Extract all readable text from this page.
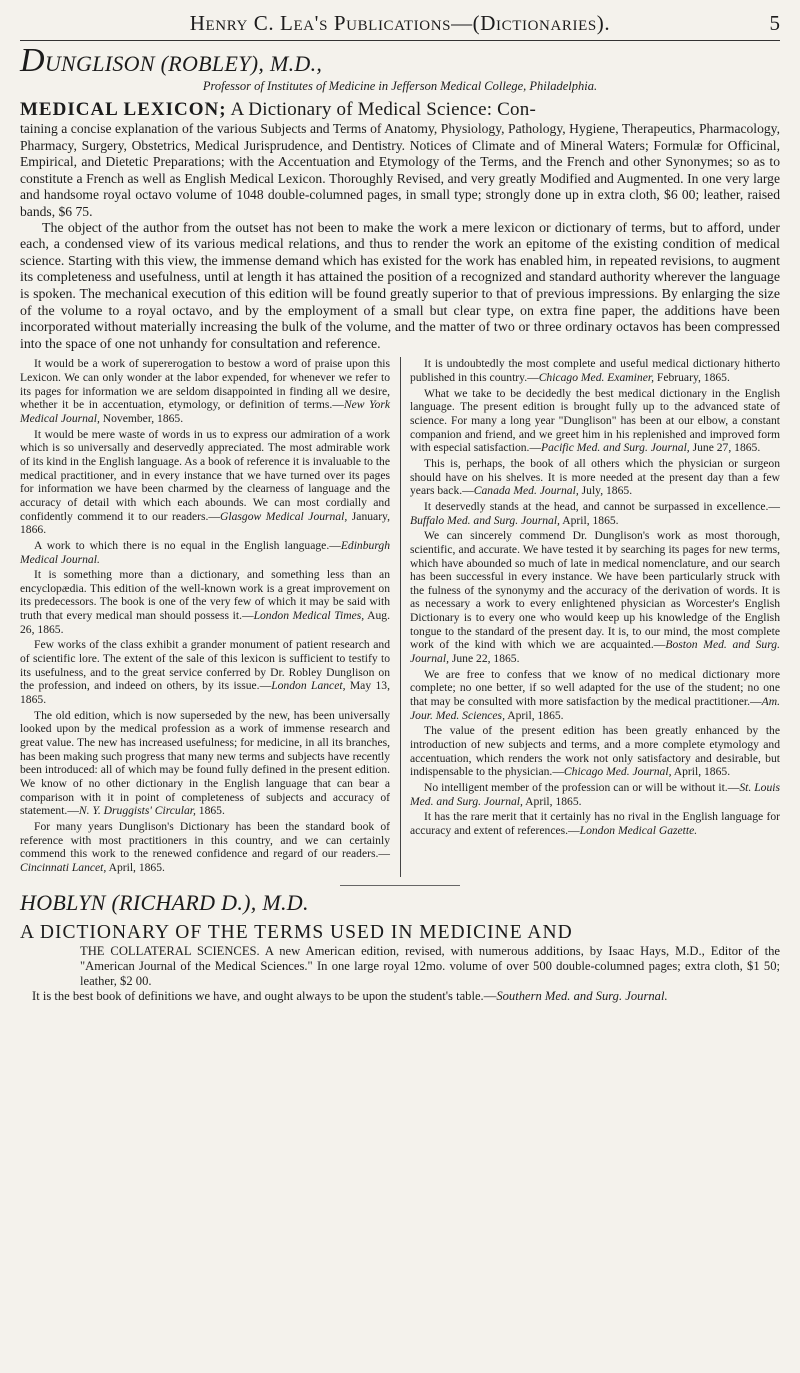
Henry C. Lea's Publications—(Dictionaries).	5
DUNGLISON (ROBLEY), M.D.,
Professor of Institutes of Medicine in Jefferson Medical College, Philadelphia.
MEDICAL LEXICON; A Dictionary of Medical Science: Con-

taining a concise explanation of the various Subjects and Terms of Anatomy, Physiology, Pathology, Hygiene, Therapeutics, Pharmacology, Pharmacy, Surgery, Obstetrics, Medical Jurisprudence, and Dentistry. Notices of Climate and of Mineral Waters; Formulæ for Officinal, Empirical, and Dietetic Preparations; with the Accentuation and Etymology of the Terms, and the French and other Synonymes; so as to constitute a French as well as English Medical Lexicon. Thoroughly Revised, and very greatly Modified and Augmented. In one very large and handsome royal octavo volume of 1048 double-columned pages, in small type; strongly done up in extra cloth, $6 00; leather, raised bands, $6 75.

The object of the author from the outset has not been to make the work a mere lexicon or dictionary of terms, but to afford, under each, a condensed view of its various medical relations, and thus to render the work an epitome of the existing condition of medical science. Starting with this view, the immense demand which has existed for the work has enabled him, in repeated revisions, to augment its completeness and usefulness, until at length it has attained the position of a recognized and standard authority wherever the language is spoken. The mechanical execution of this edition will be found greatly superior to that of previous impressions. By enlarging the size of the volume to a royal octavo, and by the employment of a small but clear type, on extra fine paper, the additions have been incorporated without materially increasing the bulk of the volume, and the matter of two or three ordinary octavos has been compressed into the space of one not unhandy for consultation and reference.

It would be a work of supererogation to bestow a word of praise upon this Lexicon. We can only wonder at the labor expended, for whenever we refer to its pages for information we are seldom disappointed in finding all we desire, whether it be in accentuation, etymology, or definition of terms.—New York Medical Journal, November, 1865.

It would be mere waste of words in us to express our admiration of a work which is so universally and deservedly appreciated. The most admirable work of its kind in the English language. As a book of reference it is invaluable to the medical practitioner, and in every instance that we have turned over its pages for information we have been charmed by the clearness of language and the accuracy of detail with which each abounds. We can most cordially and confidently commend it to our readers.—Glasgow Medical Journal, January, 1866.

A work to which there is no equal in the English language.—Edinburgh Medical Journal.

It is something more than a dictionary, and something less than an encyclopædia. This edition of the well-known work is a great improvement on its predecessors. The book is one of the very few of which it may be said with truth that every medical man should possess it.—London Medical Times, Aug. 26, 1865.

Few works of the class exhibit a grander monument of patient research and of scientific lore. The extent of the sale of this lexicon is sufficient to testify to its usefulness, and to the great service conferred by Dr. Robley Dunglison on the profession, and indeed on others, by its issue.—London Lancet, May 13, 1865.

The old edition, which is now superseded by the new, has been universally looked upon by the medical profession as a work of immense research and great value. The new has increased usefulness; for medicine, in all its branches, has been making such progress that many new terms and subjects have recently been introduced: all of which may be found fully defined in the present edition. We know of no other dictionary in the English language that can bear a comparison with it in point of completeness of subjects and accuracy of statement.—N. Y. Druggists' Circular, 1865.

For many years Dunglison's Dictionary has been the standard book of reference with most practitioners in this country, and we can certainly commend this work to the renewed confidence and regard of our readers.—Cincinnati Lancet, April, 1865.

It is undoubtedly the most complete and useful medical dictionary hitherto published in this country.—Chicago Med. Examiner, February, 1865.

What we take to be decidedly the best medical dictionary in the English language. The present edition is brought fully up to the advanced state of science. For many a long year "Dunglison" has been at our elbow, a constant companion and friend, and we greet him in his replenished and improved form with especial satisfaction.—Pacific Med. and Surg. Journal, June 27, 1865.

This is, perhaps, the book of all others which the physician or surgeon should have on his shelves. It is more needed at the present day than a few years back.—Canada Med. Journal, July, 1865.

It deservedly stands at the head, and cannot be surpassed in excellence.—Buffalo Med. and Surg. Journal, April, 1865.

We can sincerely commend Dr. Dunglison's work as most thorough, scientific, and accurate. We have tested it by searching its pages for new terms, which have abounded so much of late in medical nomenclature, and our search has been successful in every instance. We have been particularly struck with the fulness of the synonymy and the accuracy of the derivation of words. It is as necessary a work to every enlightened physician as Worcester's English Dictionary is to every one who would keep up his knowledge of the English tongue to the standard of the present day. It is, to our mind, the most complete work of the kind with which we are acquainted.—Boston Med. and Surg. Journal, June 22, 1865.

We are free to confess that we know of no medical dictionary more complete; no one better, if so well adapted for the use of the student; no one that may be consulted with more satisfaction by the medical practitioner.—Am. Jour. Med. Sciences, April, 1865.

The value of the present edition has been greatly enhanced by the introduction of new subjects and terms, and a more complete etymology and accentuation, which renders the work not only satisfactory and desirable, but indispensable to the physician.—Chicago Med. Journal, April, 1865.

No intelligent member of the profession can or will be without it.—St. Louis Med. and Surg. Journal, April, 1865.

It has the rare merit that it certainly has no rival in the English language for accuracy and extent of references.—London Medical Gazette.

HOBLYN (RICHARD D.), M.D.
A DICTIONARY OF THE TERMS USED IN MEDICINE AND

THE COLLATERAL SCIENCES. A new American edition, revised, with numerous additions, by Isaac Hays, M.D., Editor of the "American Journal of the Medical Sciences." In one large royal 12mo. volume of over 500 double-columned pages; extra cloth, $1 50; leather, $2 00.

It is the best book of definitions we have, and ought always to be upon the student's table.—Southern Med. and Surg. Journal.
